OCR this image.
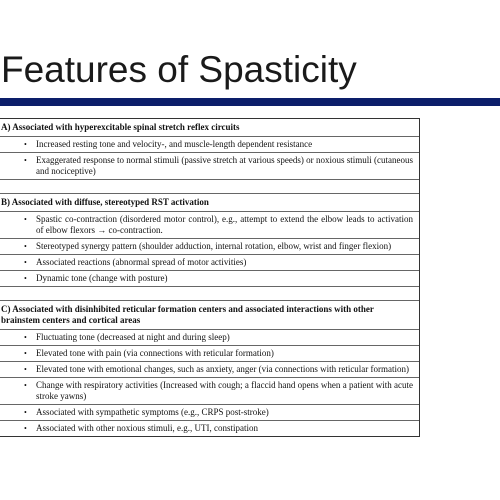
Features of Spasticity
A) Associated with hyperexcitable spinal stretch reflex circuits
•	Increased resting tone and velocity-, and muscle-length dependent resistance
•	Exaggerated response to normal stimuli (passive stretch at various speeds) or noxious stimuli (cutaneous and nociceptive)
B) Associated with diffuse, stereotyped RST activation
•	Spastic co-contraction (disordered motor control), e.g., attempt to extend the elbow leads to activation of elbow flexors → co-contraction.
•	Stereotyped synergy pattern (shoulder adduction, internal rotation, elbow, wrist and finger flexion)
•	Associated reactions (abnormal spread of motor activities)
•	Dynamic tone (change with posture)
C) Associated with disinhibited reticular formation centers and associated interactions with other brainstem centers and cortical areas
•	Fluctuating tone (decreased at night and during sleep)
•	Elevated tone with pain (via connections with reticular formation)
•	Elevated tone with emotional changes, such as anxiety, anger (via connections with reticular formation)
•	Change with respiratory activities (Increased with cough; a flaccid hand opens when a patient with acute stroke yawns)
•	Associated with sympathetic symptoms (e.g., CRPS post-stroke)
•	Associated with other noxious stimuli, e.g., UTI, constipation
